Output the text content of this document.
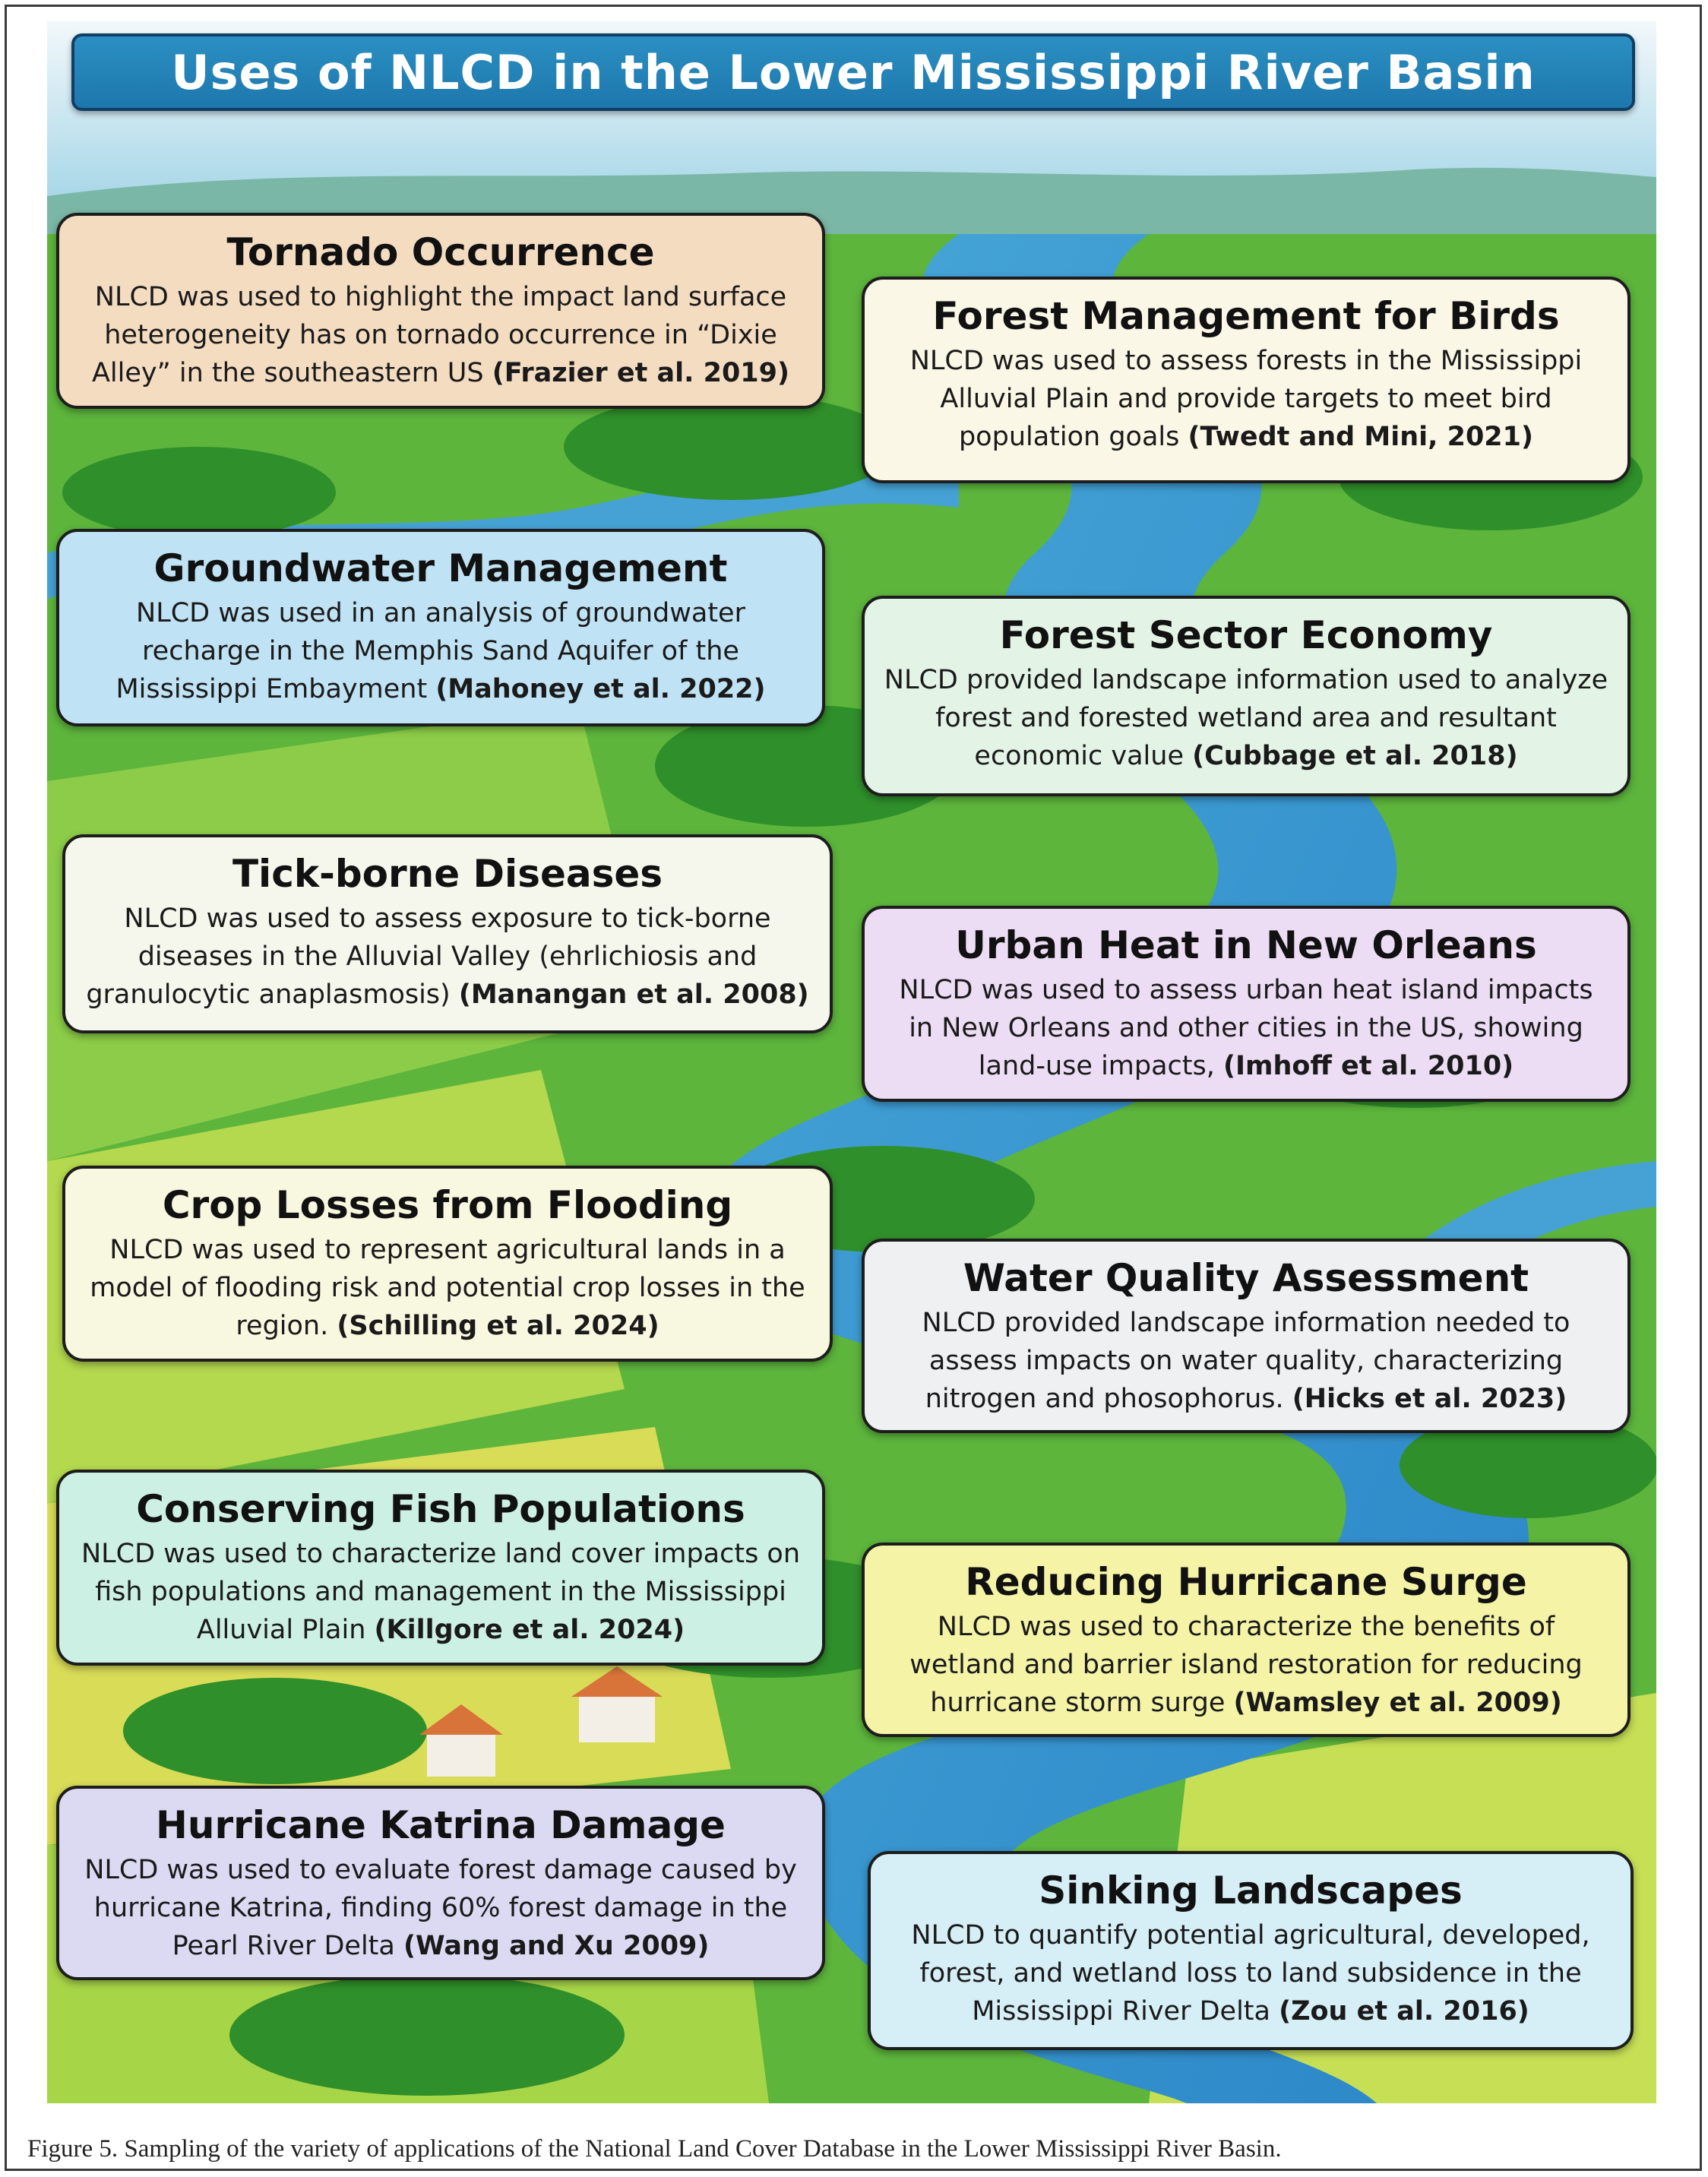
Uses of NLCD in the Lower Mississippi River Basin
Tornado Occurrence
NLCD was used to highlight the impact land surface heterogeneity has on tornado occurrence in “Dixie Alley” in the southeastern US (Frazier et al. 2019)
Forest Management for Birds
NLCD was used to assess forests in the Mississippi Alluvial Plain and provide targets to meet bird population goals (Twedt and Mini, 2021)
Groundwater Management
NLCD was used in an analysis of groundwater recharge in the Memphis Sand Aquifer of the Mississippi Embayment (Mahoney et al. 2022)
Forest Sector Economy
NLCD provided landscape information used to analyze forest and forested wetland area and resultant economic value (Cubbage et al. 2018)
Tick-borne Diseases
NLCD was used to assess exposure to tick-borne diseases in the Alluvial Valley (ehrlichiosis and granulocytic anaplasmosis) (Manangan et al. 2008)
Urban Heat in New Orleans
NLCD was used to assess urban heat island impacts in New Orleans and other cities in the US, showing land-use impacts, (Imhoff et al. 2010)
Crop Losses from Flooding
NLCD was used to represent agricultural lands in a model of flooding risk and potential crop losses in the region. (Schilling et al. 2024)
Water Quality Assessment
NLCD provided landscape information needed to assess impacts on water quality, characterizing nitrogen and phosophorus. (Hicks et al. 2023)
Conserving Fish Populations
NLCD was used to characterize land cover impacts on fish populations and management in the Mississippi Alluvial Plain (Killgore et al. 2024)
Reducing Hurricane Surge
NLCD was used to characterize the benefits of wetland and barrier island restoration for reducing hurricane storm surge (Wamsley et al. 2009)
Hurricane Katrina Damage
NLCD was used to evaluate forest damage caused by hurricane Katrina, finding 60% forest damage in the Pearl River Delta (Wang and Xu 2009)
Sinking Landscapes
NLCD to quantify potential agricultural, developed, forest, and wetland loss to land subsidence in the Mississippi River Delta (Zou et al. 2016)
Figure 5. Sampling of the variety of applications of the National Land Cover Database in the Lower Mississippi River Basin.
